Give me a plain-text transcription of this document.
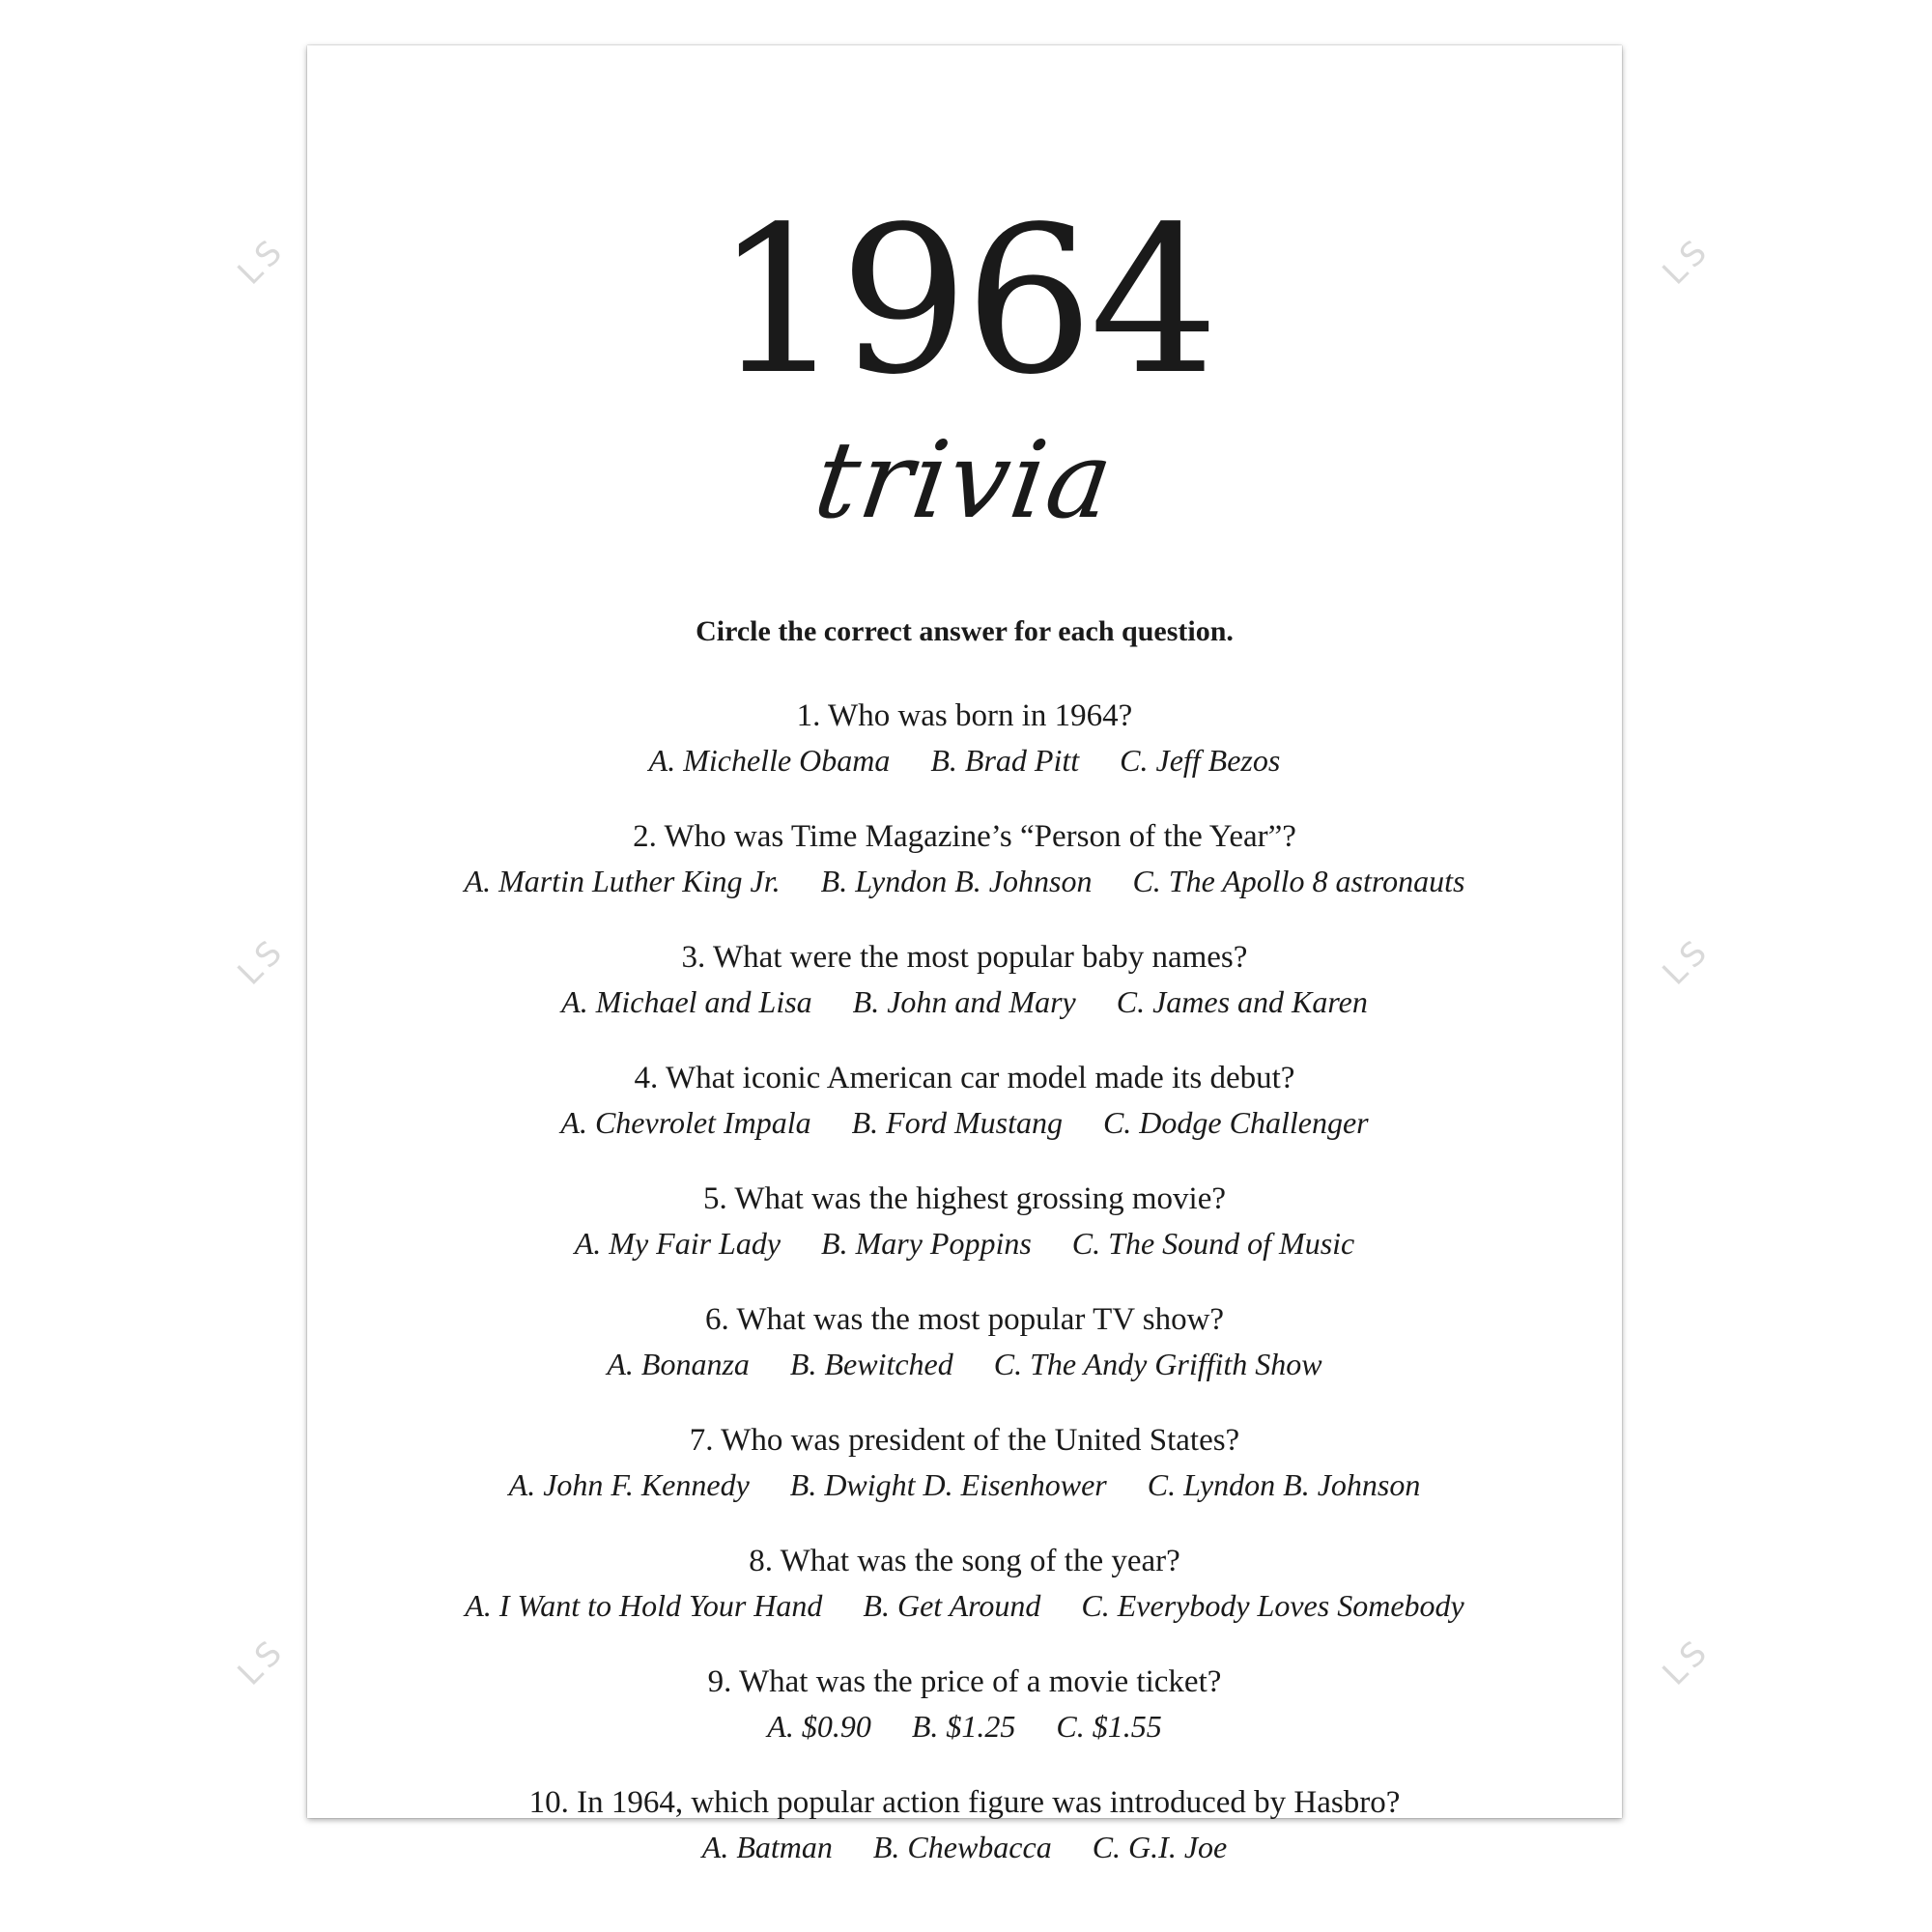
LS	LS
LS	LS
LS	LS
1964
trivia
Circle the correct answer for each question.
1. Who was born in 1964?
A. Michelle Obama B. Brad Pitt C. Jeff Bezos
2. Who was Time Magazine’s “Person of the Year”?
A. Martin Luther King Jr. B. Lyndon B. Johnson C. The Apollo 8 astronauts
3. What were the most popular baby names?
A. Michael and Lisa B. John and Mary C. James and Karen
4. What iconic American car model made its debut?
A. Chevrolet Impala B. Ford Mustang C. Dodge Challenger
5. What was the highest grossing movie?
A. My Fair Lady B. Mary Poppins C. The Sound of Music
6. What was the most popular TV show?
A. Bonanza B. Bewitched C. The Andy Griffith Show
7. Who was president of the United States?
A. John F. Kennedy B. Dwight D. Eisenhower C. Lyndon B. Johnson
8. What was the song of the year?
A. I Want to Hold Your Hand B. Get Around C. Everybody Loves Somebody
9. What was the price of a movie ticket?
A. $0.90 B. $1.25 C. $1.55
10. In 1964, which popular action figure was introduced by Hasbro?
A. Batman B. Chewbacca C. G.I. Joe
